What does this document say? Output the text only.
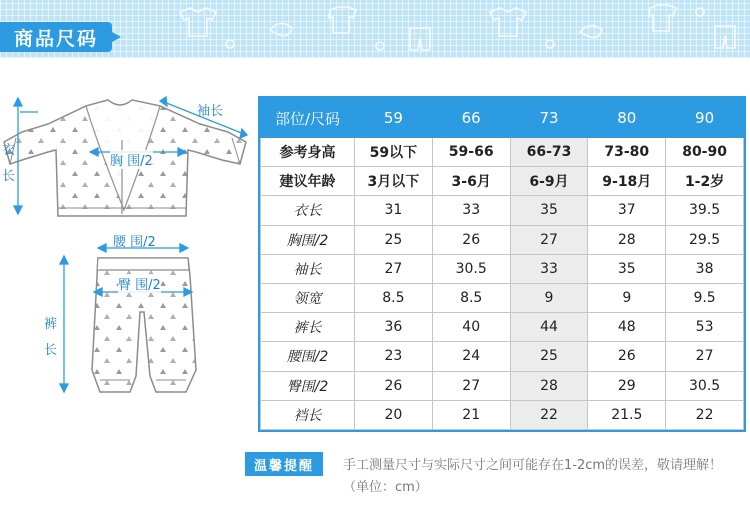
商品尺码
袖长
衣长
胸 围/2
腰 围/2
臀 围/2
裤长
部位/尺码	59	66	73	80	90
参考身高	59以下	59-66	66-73	73-80	80-90
建议年龄	3月以下	3-6月	6-9月	9-18月	1-2岁
衣长	31	33	35	37	39.5
胸围/2	25	26	27	28	29.5
袖长	27	30.5	33	35	38
领宽	8.5	8.5	9	9	9.5
裤长	36	40	44	48	53
腰围/2	23	24	25	26	27
臀围/2	26	27	28	29	30.5
裆长	20	21	22	21.5	22
温馨提醒	手工测量尺寸与实际尺寸之间可能存在1-2cm的误差，敬请理解！（单位：cm）
